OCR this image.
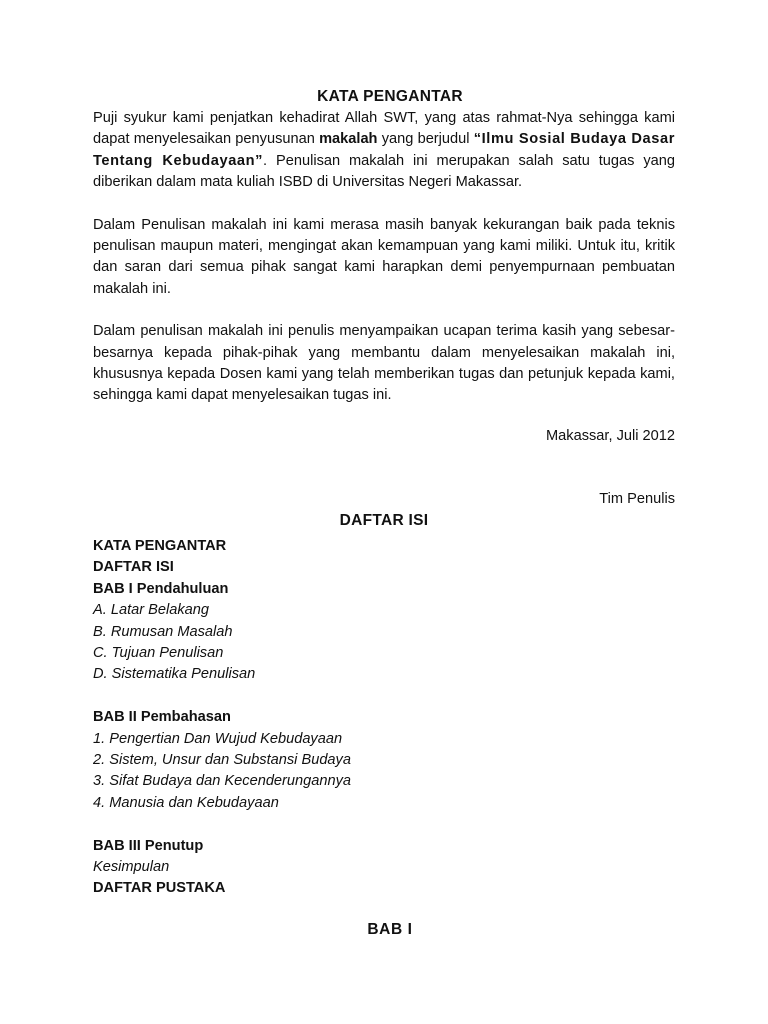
KATA PENGANTAR

Puji syukur kami penjatkan kehadirat Allah SWT, yang atas rahmat-Nya sehingga kami dapat menyelesaikan penyusunan makalah yang berjudul “Ilmu Sosial Budaya Dasar Tentang Kebudayaan”. Penulisan makalah ini merupakan salah satu tugas yang diberikan dalam mata kuliah ISBD di Universitas Negeri Makassar.

Dalam Penulisan makalah ini kami merasa masih banyak kekurangan baik pada teknis penulisan maupun materi, mengingat akan kemampuan yang kami miliki. Untuk itu, kritik dan saran dari semua pihak sangat kami harapkan demi penyempurnaan pembuatan makalah ini.

Dalam penulisan makalah ini penulis menyampaikan ucapan terima kasih yang sebesar-besarnya kepada pihak-pihak yang membantu dalam menyelesaikan makalah ini, khususnya kepada Dosen kami yang telah memberikan tugas dan petunjuk kepada kami, sehingga kami dapat menyelesaikan tugas ini.

Makassar, Juli 2012
Tim Penulis
DAFTAR ISI
KATA PENGANTAR
DAFTAR ISI
BAB I Pendahuluan
A. Latar Belakang
B. Rumusan Masalah
C. Tujuan Penulisan
D. Sistematika Penulisan
BAB II Pembahasan
1. Pengertian Dan Wujud Kebudayaan
2. Sistem, Unsur dan Substansi Budaya
3. Sifat Budaya dan Kecenderungannya
4. Manusia dan Kebudayaan
BAB III Penutup
Kesimpulan
DAFTAR PUSTAKA
BAB I
